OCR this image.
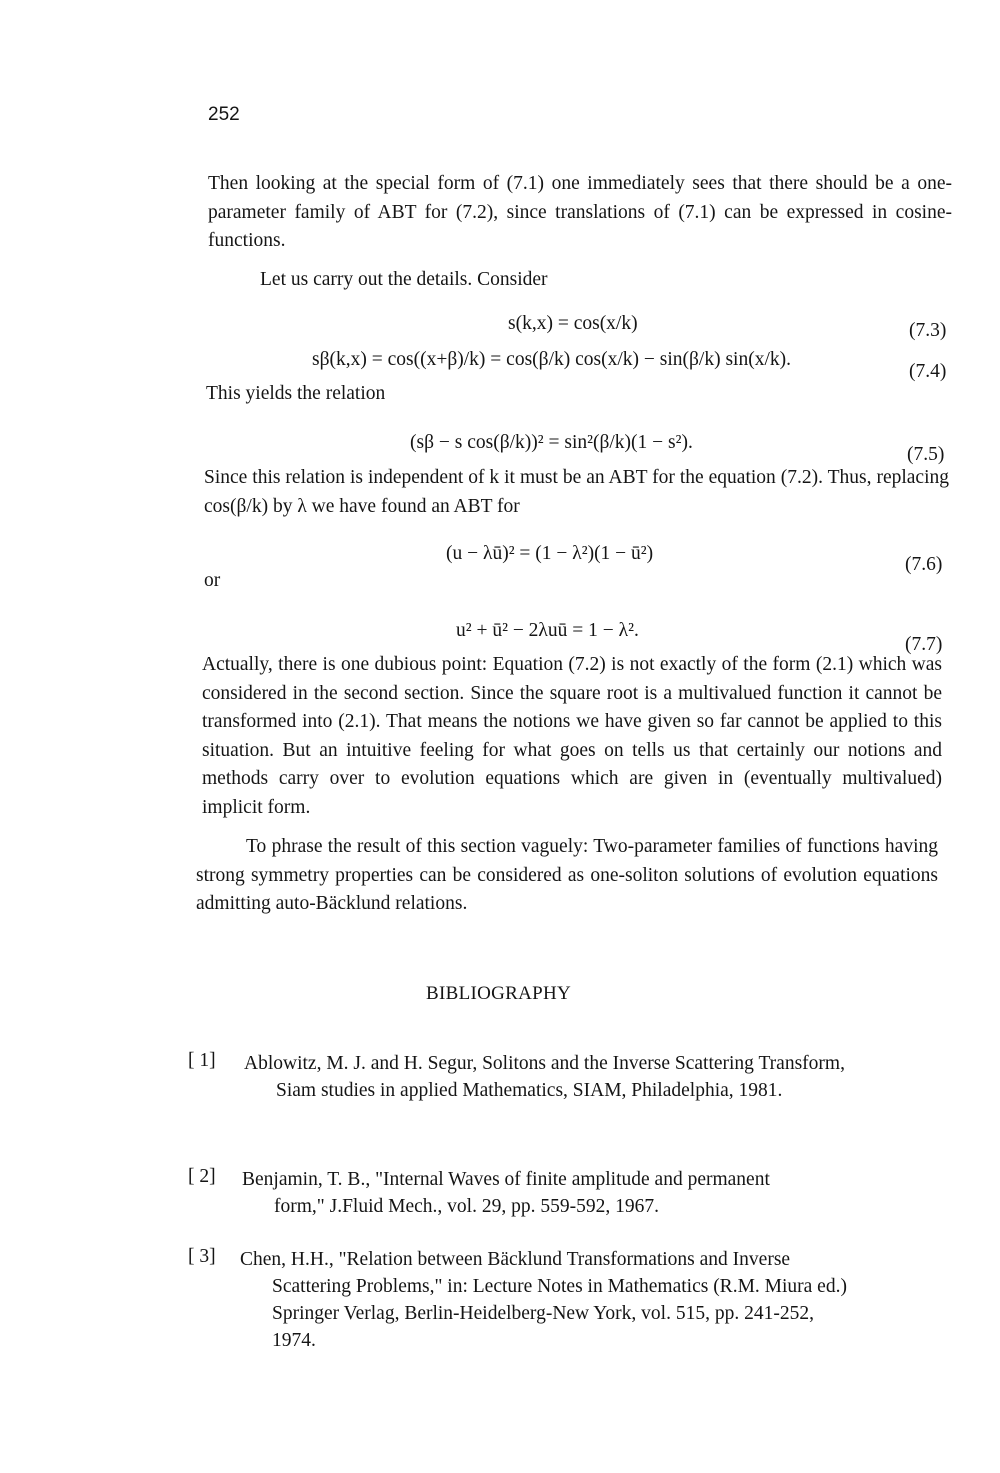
252
Then looking at the special form of (7.1) one immediately sees that there should be a one-parameter family of ABT for (7.2), since translations of (7.1) can be expressed in cosine-functions.
Let us carry out the details. Consider
s(k,x) = cos(x/k)	(7.3)
sβ(k,x) = cos((x+β)/k) = cos(β/k) cos(x/k) − sin(β/k) sin(x/k).
(7.4)
This yields the relation
(sβ − s cos(β/k))² = sin²(β/k)(1 − s²).
(7.5)
Since this relation is independent of k it must be an ABT for the equation (7.2). Thus, replacing cos(β/k) by λ we have found an ABT for
(u − λū)² = (1 − λ²)(1 − ū²)
(7.6)
or
u² + ū² − 2λuū = 1 − λ².
(7.7)
Actually, there is one dubious point: Equation (7.2) is not exactly of the form (2.1) which was considered in the second section. Since the square root is a multivalued function it cannot be transformed into (2.1). That means the notions we have given so far cannot be applied to this situation. But an intuitive feeling for what goes on tells us that certainly our notions and methods carry over to evolution equations which are given in (eventually multivalued) implicit form.
To phrase the result of this section vaguely: Two-parameter families of functions having strong symmetry properties can be considered as one-soliton solutions of evolution equations admitting auto-Bäcklund relations.
BIBLIOGRAPHY
[ 1] Ablowitz, M. J. and H. Segur, Solitons and the Inverse Scattering Transform, Siam studies in applied Mathematics, SIAM, Philadelphia, 1981.
[ 2] Benjamin, T. B., "Internal Waves of finite amplitude and permanent form," J.Fluid Mech., vol. 29, pp. 559-592, 1967.
[ 3] Chen, H.H., "Relation between Bäcklund Transformations and Inverse Scattering Problems," in: Lecture Notes in Mathematics (R.M. Miura ed.) Springer Verlag, Berlin-Heidelberg-New York, vol. 515, pp. 241-252, 1974.
